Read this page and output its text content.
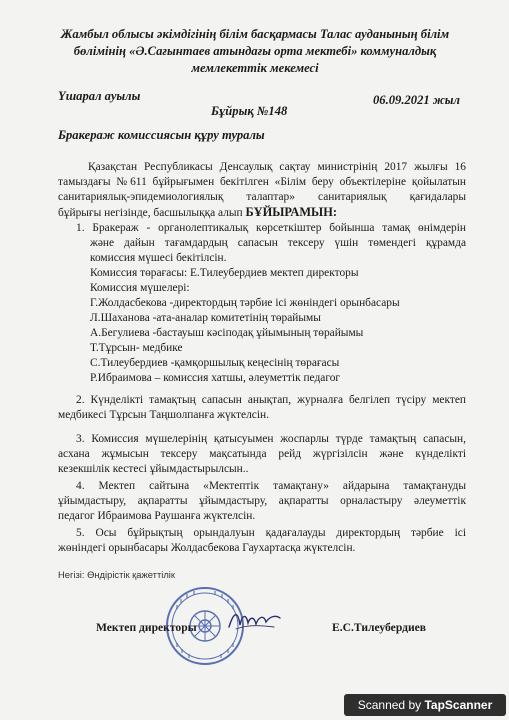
Жамбыл облысы әкімдігінің білім басқармасы Талас ауданының білім
бөлімінің «Ә.Сағынтаев атындағы орта мектебі» коммуналдық
мемлекеттік мекемесі
Үшарал ауылы	06.09.2021 жыл
Бұйрық №148
Бракераж комиссиясын құру туралы
Қазақстан Республикасы Денсаулық сақтау министрінің 2017 жылғы 16
тамыздағы №611 бұйрығымен бекітілген «Білім беру объектілеріне қойылатын
санитариялық-эпидемиологиялық талаптар» санитариялық қағидалары
бұйрығы негізінде, басшылыққа алып БҰЙЫРАМЫН:
1. Бракераж - органолептикалық көрсеткіштер бойынша тамақ өнімдерін
және дайын тағамдардың сапасын тексеру үшін төмендегі құрамда
комиссия мүшесі бекітілсін.
Комиссия төрағасы: Е.Тилеубердиев мектеп директоры
Комиссия мүшелері:
Г.Жолдасбекова -директордың тәрбие ісі жөніндегі орынбасары
Л.Шаханова -ата-аналар комитетінің төрайымы
А.Бегулиева -бастауыш кәсіподақ ұйымының төрайымы
Т.Тұрсын- медбике
С.Тилеубердиев -қамқоршылық кеңесінің төрағасы
Р.Ибраимова – комиссия хатшы, әлеуметтік педагог
2. Күнделікті тамақтың сапасын анықтап, журналға белгілеп түсіру мектеп
медбикесі Тұрсын Таңшолпанға жүктелсін.
3. Комиссия мүшелерінің қатысуымен жоспарлы түрде тамақтың сапасын,
асхана жұмысын тексеру мақсатында рейд жүргізілсін және күнделікті
кезекшілік кестесі ұйымдастырылсын..
4. Мектеп сайтына «Мектептік тамақтану» айдарына тамақтануды
ұйымдастыру, ақпаратты ұйымдастыру, ақпаратты орналастыру әлеуметтік
педагог Ибраимова Раушанға жүктелсін.
5. Осы бұйрықтың орындалуын қадағалауды директордың тәрбие ісі
жөніндегі орынбасары Жолдасбекова Гаухартасқа жүктелсін.
Негізі: Өндірістік қажеттілік
Мектеп директоры	Е.С.Тилеубердиев
Scanned by TapScanner
